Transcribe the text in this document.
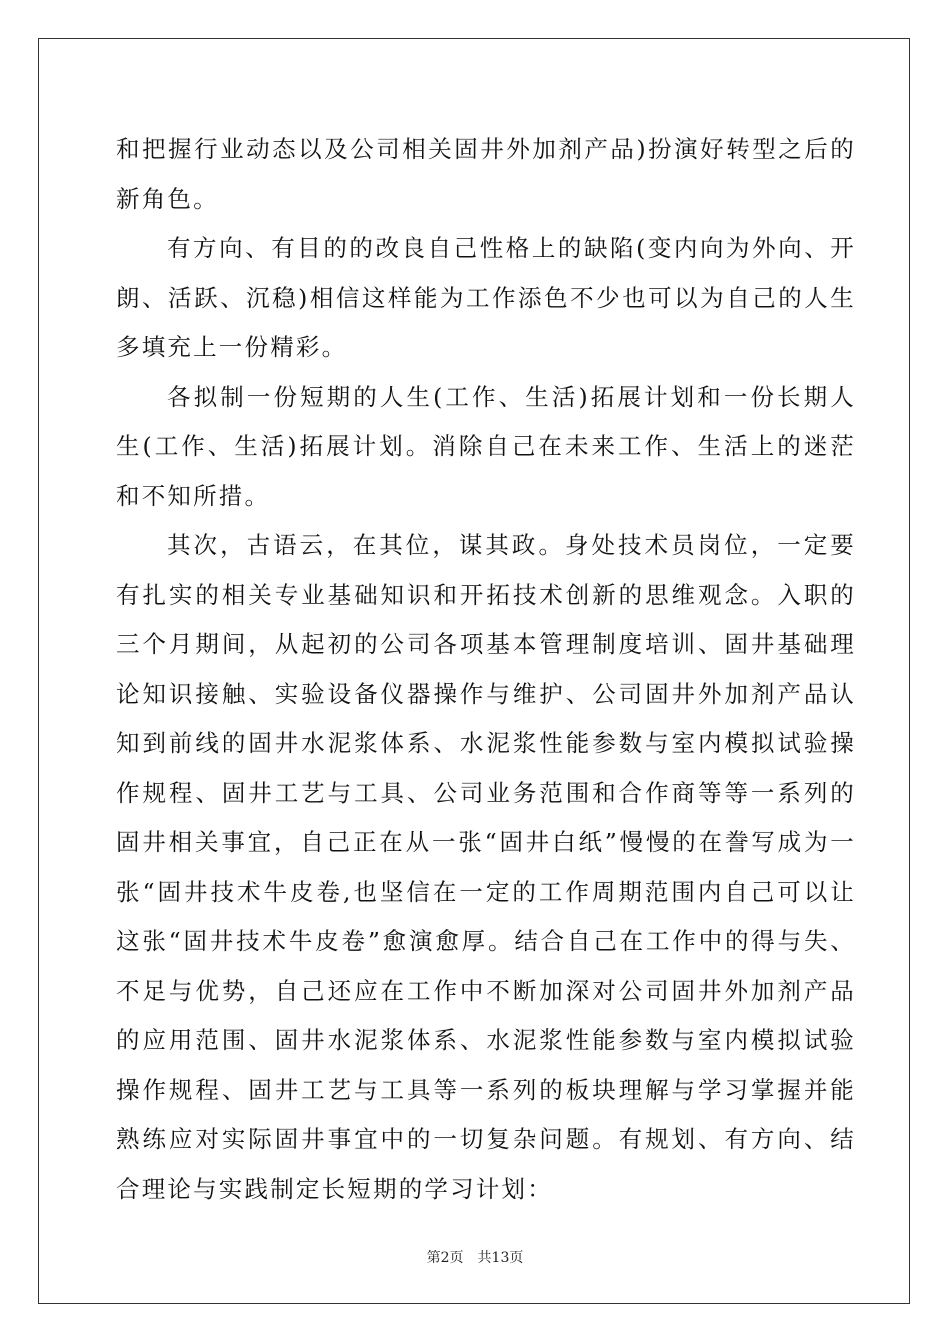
和把握行业动态以及公司相关固井外加剂产品)扮演好转型之后的新角色。

有方向、有目的的改良自己性格上的缺陷(变内向为外向、开朗、活跃、沉稳)相信这样能为工作添色不少也可以为自己的人生多填充上一份精彩。

各拟制一份短期的人生(工作、生活)拓展计划和一份长期人生(工作、生活)拓展计划。消除自己在未来工作、生活上的迷茫和不知所措。

其次，古语云，在其位，谋其政。身处技术员岗位，一定要有扎实的相关专业基础知识和开拓技术创新的思维观念。入职的三个月期间，从起初的公司各项基本管理制度培训、固井基础理论知识接触、实验设备仪器操作与维护、公司固井外加剂产品认知到前线的固井水泥浆体系、水泥浆性能参数与室内模拟试验操作规程、固井工艺与工具、公司业务范围和合作商等等一系列的固井相关事宜，自己正在从一张“固井白纸”慢慢的在誊写成为一张“固井技术牛皮卷,也坚信在一定的工作周期范围内自己可以让这张“固井技术牛皮卷”愈演愈厚。结合自己在工作中的得与失、不足与优势，自己还应在工作中不断加深对公司固井外加剂产品的应用范围、固井水泥浆体系、水泥浆性能参数与室内模拟试验操作规程、固井工艺与工具等一系列的板块理解与学习掌握并能熟练应对实际固井事宜中的一切复杂问题。有规划、有方向、结合理论与实践制定长短期的学习计划：

第2页 共13页
